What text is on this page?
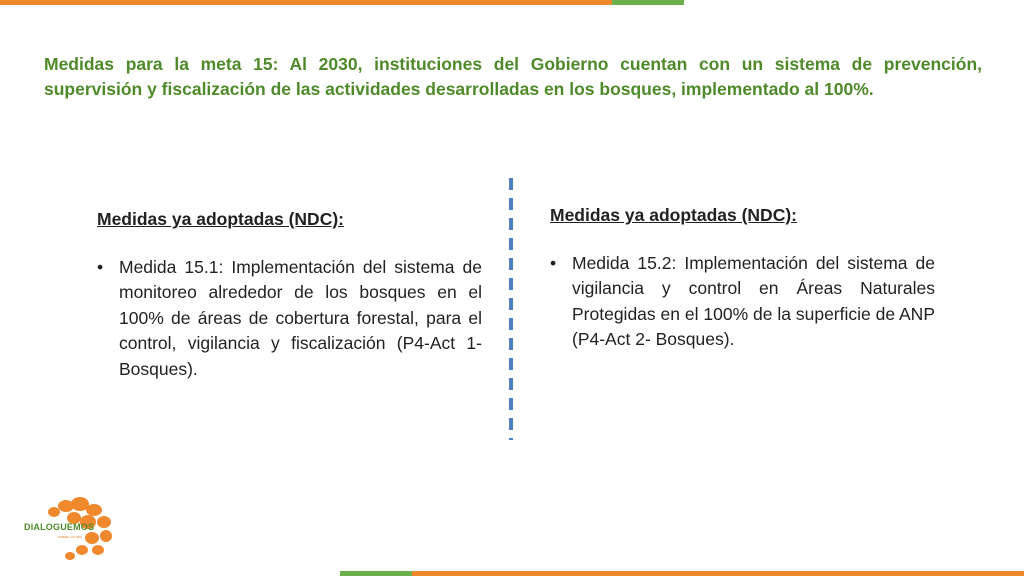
Medidas para la meta 15: Al 2030, instituciones del Gobierno cuentan con un sistema de prevención, supervisión y fiscalización de las actividades desarrolladas en los bosques, implementado al 100%.
Medidas ya adoptadas (NDC):
• Medida 15.1: Implementación del sistema de monitoreo alrededor de los bosques en el 100% de áreas de cobertura forestal, para el control, vigilancia y fiscalización (P4-Act 1-Bosques).
Medidas ya adoptadas (NDC):
• Medida 15.2: Implementación del sistema de vigilancia y control en Áreas Naturales Protegidas en el 100% de la superficie de ANP (P4-Act 2- Bosques).
DIALOGUEMOS
SOBRE LAS NDC
